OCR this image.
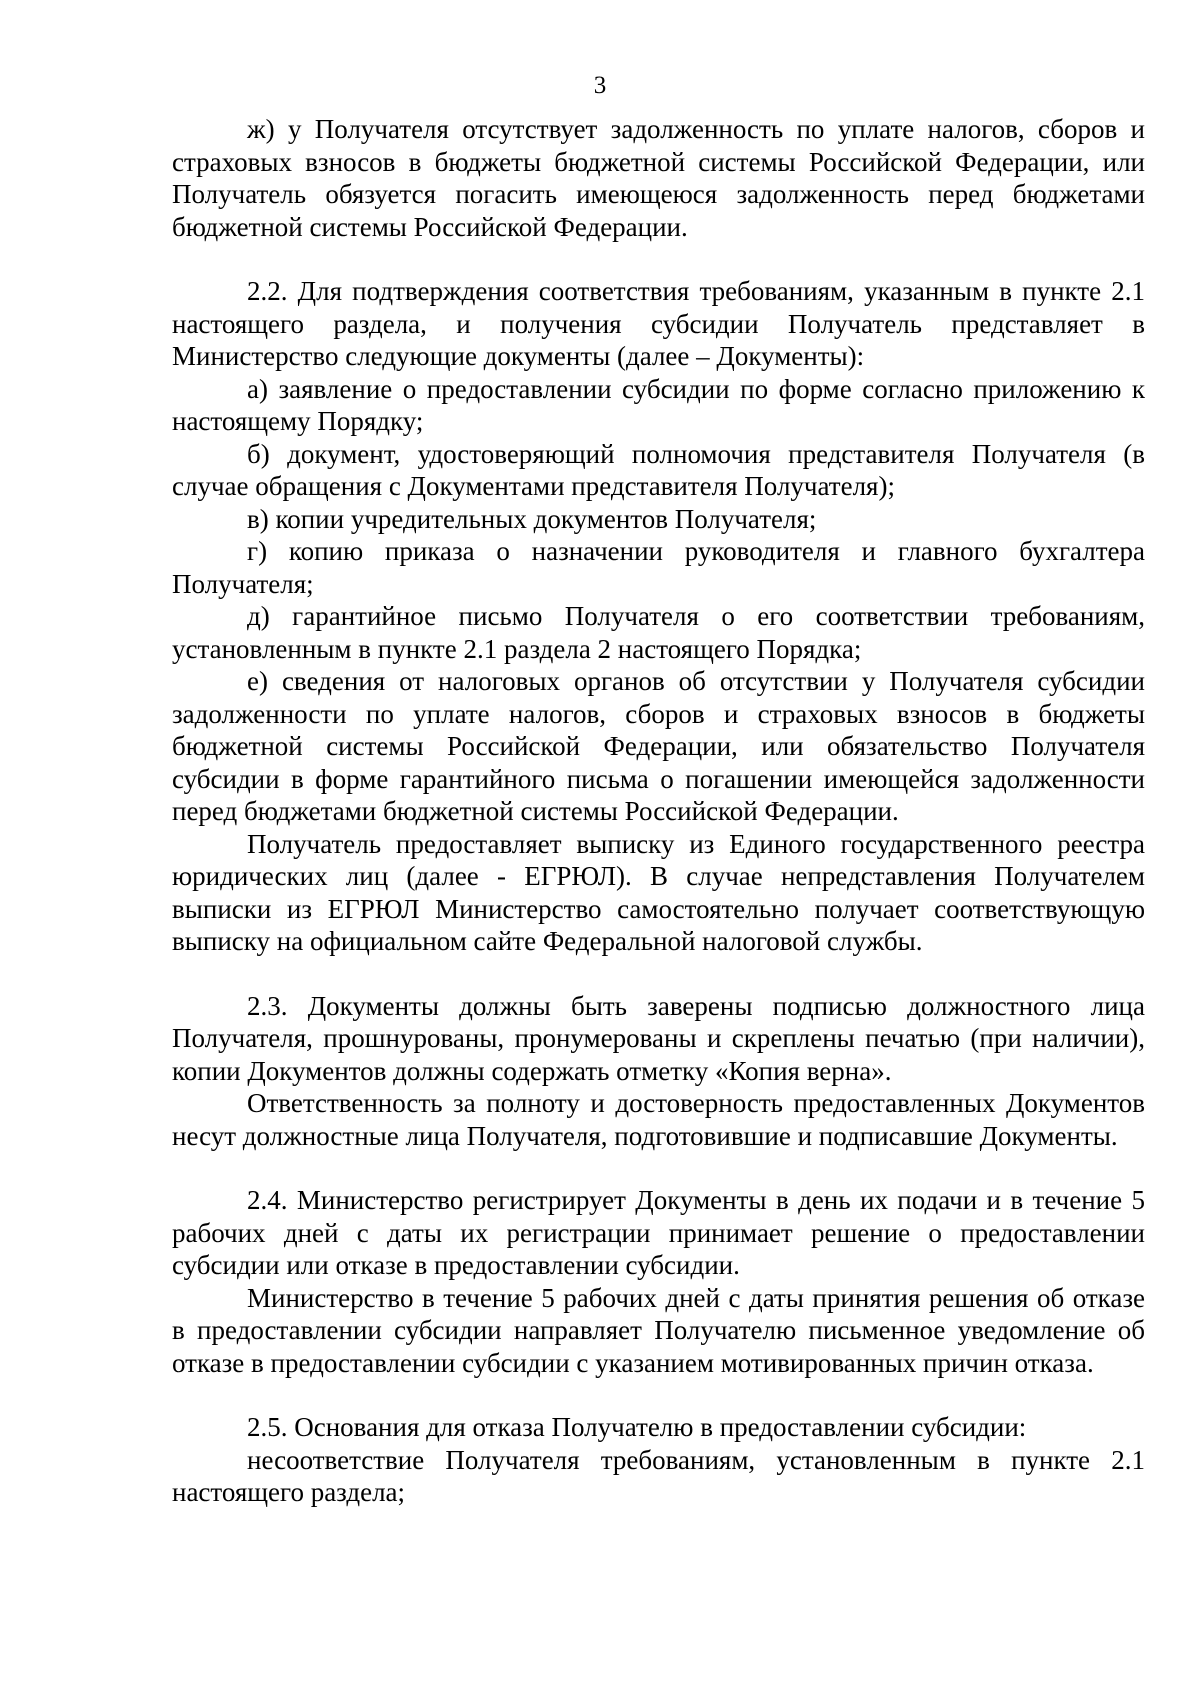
3

ж) у Получателя отсутствует задолженность по уплате налогов, сборов и страховых взносов в бюджеты бюджетной системы Российской Федерации, или Получатель обязуется погасить имеющеюся задолженность перед бюджетами бюджетной системы Российской Федерации.

2.2. Для подтверждения соответствия требованиям, указанным в пункте 2.1 настоящего раздела, и получения субсидии Получатель представляет в Министерство следующие документы (далее – Документы):

а) заявление о предоставлении субсидии по форме согласно приложению к настоящему Порядку;

б) документ, удостоверяющий полномочия представителя Получателя (в случае обращения с Документами представителя Получателя);

в) копии учредительных документов Получателя;

г) копию приказа о назначении руководителя и главного бухгалтера Получателя;

д) гарантийное письмо Получателя о его соответствии требованиям, установленным в пункте 2.1 раздела 2 настоящего Порядка;

е) сведения от налоговых органов об отсутствии у Получателя субсидии задолженности по уплате налогов, сборов и страховых взносов в бюджеты бюджетной системы Российской Федерации, или обязательство Получателя субсидии в форме гарантийного письма о погашении имеющейся задолженности перед бюджетами бюджетной системы Российской Федерации.

Получатель предоставляет выписку из Единого государственного реестра юридических лиц (далее - ЕГРЮЛ). В случае непредставления Получателем выписки из ЕГРЮЛ Министерство самостоятельно получает соответствующую выписку на официальном сайте Федеральной налоговой службы.

2.3. Документы должны быть заверены подписью должностного лица Получателя, прошнурованы, пронумерованы и скреплены печатью (при наличии), копии Документов должны содержать отметку «Копия верна».

Ответственность за полноту и достоверность предоставленных Документов несут должностные лица Получателя, подготовившие и подписавшие Документы.

2.4. Министерство регистрирует Документы в день их подачи и в течение 5 рабочих дней с даты их регистрации принимает решение о предоставлении субсидии или отказе в предоставлении субсидии.

Министерство в течение 5 рабочих дней с даты принятия решения об отказе в предоставлении субсидии направляет Получателю письменное уведомление об отказе в предоставлении субсидии с указанием мотивированных причин отказа.

2.5. Основания для отказа Получателю в предоставлении субсидии:

несоответствие Получателя требованиям, установленным в пункте 2.1 настоящего раздела;
